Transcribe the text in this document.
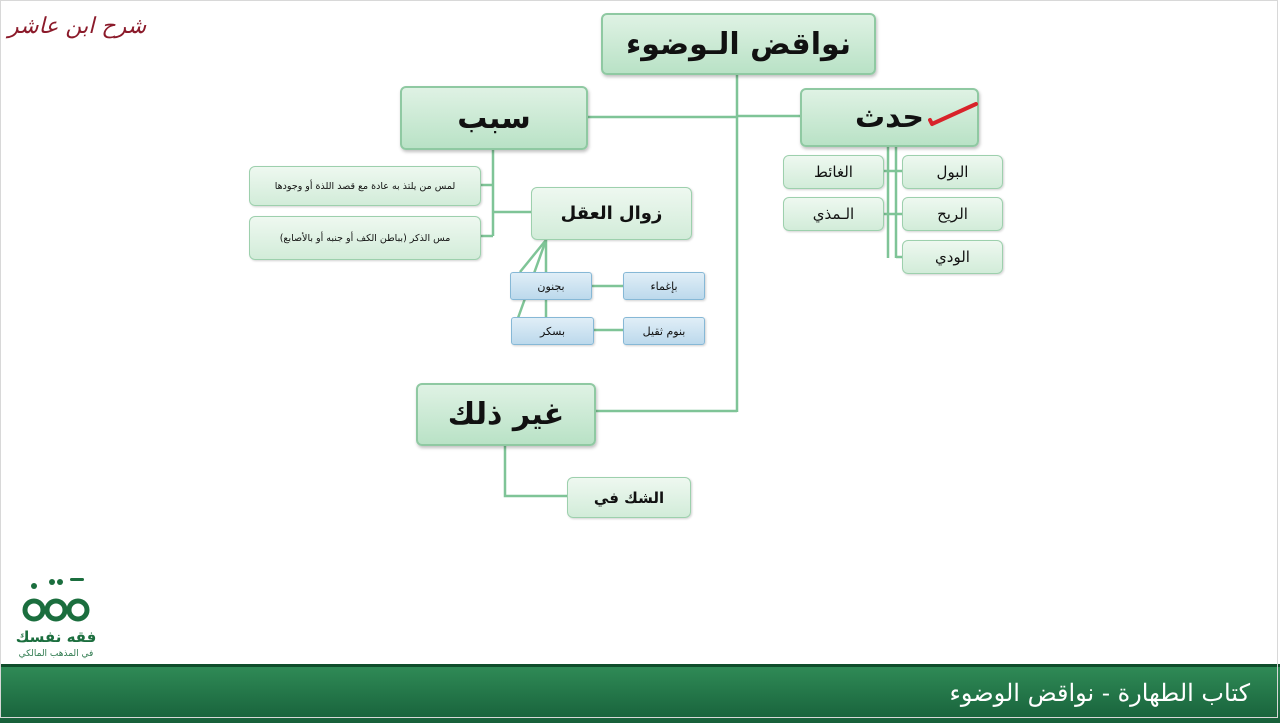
شرح ابن عاشر	نواقض الـوضوء
حدث
البول
الغائط
الريح
الـمذي
الودي
سبب
لمس من يلتذ به عادة مع قصد اللذة أو وجودها
مس الذكر (بباطن الكف أو جنبه أو بالأصابع)
زوال العقل
بإغماء
بجنون
بنوم ثقيل
بسكر
غير ذلك
الشك في
فقه نفسك
في المذهب المالكي
كتاب الطهارة - نواقض الوضوء
